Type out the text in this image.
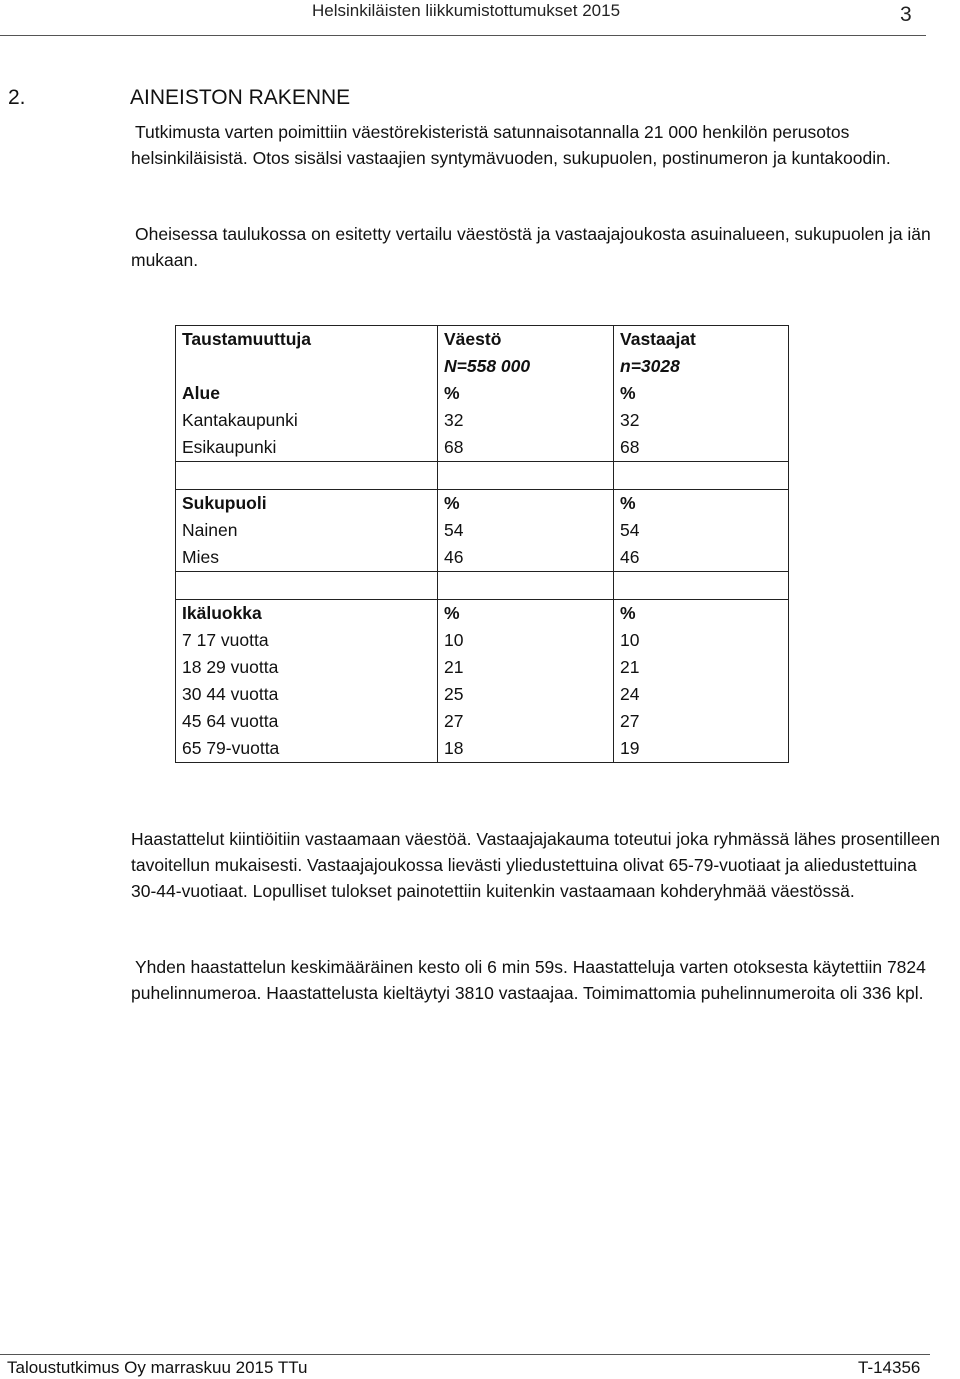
Helsinkiläisten liikkumistottumukset 2015	3
2.	AINEISTON RAKENNE

Tutkimusta varten poimittiin väestörekisteristä satunnaisotannalla 21 000 henkilön perusotos helsinkiläisistä. Otos sisälsi vastaajien syntymävuoden, sukupuolen, postinumeron ja kuntakoodin.

Oheisessa taulukossa on esitetty vertailu väestöstä ja vastaajajoukosta asuinalueen, sukupuolen ja iän mukaan.

Taustamuuttuja	Väestö	Vastaajat
	N=558 000	n=3028
Alue	%	%
Kantakaupunki	32	32
Esikaupunki	68	68

Sukupuoli	%	%
Nainen	54	54
Mies	46	46

Ikäluokka	%	%
7 17 vuotta	10	10
18 29 vuotta	21	21
30 44 vuotta	25	24
45 64 vuotta	27	27
65 79-vuotta	18	19

Haastattelut kiintiöitiin vastaamaan väestöä. Vastaajajakauma toteutui joka ryhmässä lähes prosentilleen tavoitellun mukaisesti. Vastaajajoukossa lievästi yliedustettuina olivat 65-79-vuotiaat ja aliedustettuina 30-44-vuotiaat. Lopulliset tulokset painotettiin kuitenkin vastaamaan kohderyhmää väestössä.

Yhden haastattelun keskimääräinen kesto oli 6 min 59s. Haastatteluja varten otoksesta käytettiin 7824 puhelinnumeroa. Haastattelusta kieltäytyi 3810 vastaajaa. Toimimattomia puhelinnumeroita oli 336 kpl.

Taloustutkimus Oy marraskuu 2015 TTu	T-14356
